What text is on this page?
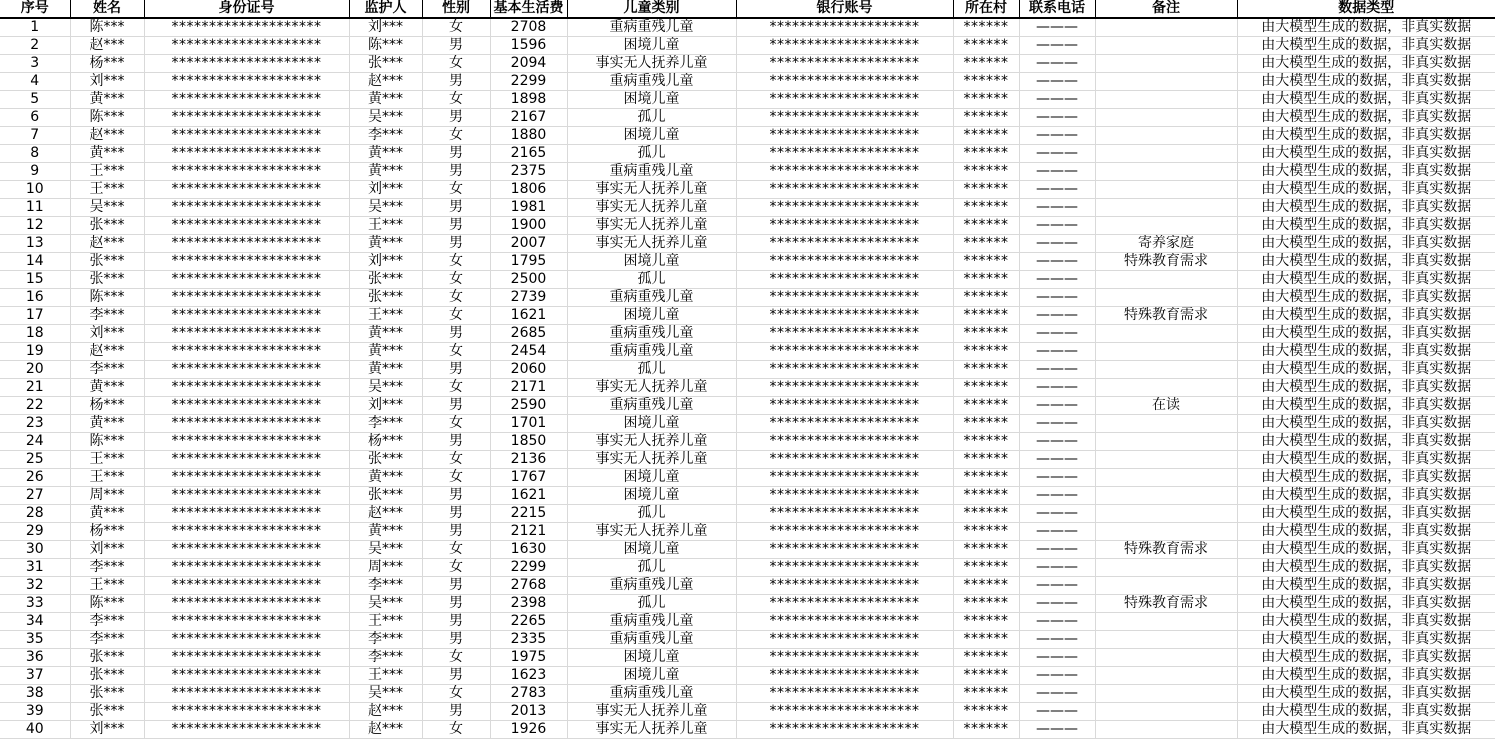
序号	姓名	身份证号	监护人	性别	基本生活费	儿童类别	银行账号	所在村	联系电话	备注	数据类型
1	陈***	********************	刘***	女	2708	重病重残儿童	********************	******	———		由大模型生成的数据，非真实数据
2	赵***	********************	陈***	男	1596	困境儿童	********************	******	———		由大模型生成的数据，非真实数据
3	杨***	********************	张***	女	2094	事实无人抚养儿童	********************	******	———		由大模型生成的数据，非真实数据
4	刘***	********************	赵***	男	2299	重病重残儿童	********************	******	———		由大模型生成的数据，非真实数据
5	黄***	********************	黄***	女	1898	困境儿童	********************	******	———		由大模型生成的数据，非真实数据
6	陈***	********************	吴***	男	2167	孤儿	********************	******	———		由大模型生成的数据，非真实数据
7	赵***	********************	李***	女	1880	困境儿童	********************	******	———		由大模型生成的数据，非真实数据
8	黄***	********************	黄***	男	2165	孤儿	********************	******	———		由大模型生成的数据，非真实数据
9	王***	********************	黄***	男	2375	重病重残儿童	********************	******	———		由大模型生成的数据，非真实数据
10	王***	********************	刘***	女	1806	事实无人抚养儿童	********************	******	———		由大模型生成的数据，非真实数据
11	吴***	********************	吴***	男	1981	事实无人抚养儿童	********************	******	———		由大模型生成的数据，非真实数据
12	张***	********************	王***	男	1900	事实无人抚养儿童	********************	******	———		由大模型生成的数据，非真实数据
13	赵***	********************	黄***	男	2007	事实无人抚养儿童	********************	******	———	寄养家庭	由大模型生成的数据，非真实数据
14	张***	********************	刘***	女	1795	困境儿童	********************	******	———	特殊教育需求	由大模型生成的数据，非真实数据
15	张***	********************	张***	女	2500	孤儿	********************	******	———		由大模型生成的数据，非真实数据
16	陈***	********************	张***	女	2739	重病重残儿童	********************	******	———		由大模型生成的数据，非真实数据
17	李***	********************	王***	女	1621	困境儿童	********************	******	———	特殊教育需求	由大模型生成的数据，非真实数据
18	刘***	********************	黄***	男	2685	重病重残儿童	********************	******	———		由大模型生成的数据，非真实数据
19	赵***	********************	黄***	女	2454	重病重残儿童	********************	******	———		由大模型生成的数据，非真实数据
20	李***	********************	黄***	男	2060	孤儿	********************	******	———		由大模型生成的数据，非真实数据
21	黄***	********************	吴***	女	2171	事实无人抚养儿童	********************	******	———		由大模型生成的数据，非真实数据
22	杨***	********************	刘***	男	2590	重病重残儿童	********************	******	———	在读	由大模型生成的数据，非真实数据
23	黄***	********************	李***	女	1701	困境儿童	********************	******	———		由大模型生成的数据，非真实数据
24	陈***	********************	杨***	男	1850	事实无人抚养儿童	********************	******	———		由大模型生成的数据，非真实数据
25	王***	********************	张***	女	2136	事实无人抚养儿童	********************	******	———		由大模型生成的数据，非真实数据
26	王***	********************	黄***	女	1767	困境儿童	********************	******	———		由大模型生成的数据，非真实数据
27	周***	********************	张***	男	1621	困境儿童	********************	******	———		由大模型生成的数据，非真实数据
28	黄***	********************	赵***	男	2215	孤儿	********************	******	———		由大模型生成的数据，非真实数据
29	杨***	********************	黄***	男	2121	事实无人抚养儿童	********************	******	———		由大模型生成的数据，非真实数据
30	刘***	********************	吴***	女	1630	困境儿童	********************	******	———	特殊教育需求	由大模型生成的数据，非真实数据
31	李***	********************	周***	女	2299	孤儿	********************	******	———		由大模型生成的数据，非真实数据
32	王***	********************	李***	男	2768	重病重残儿童	********************	******	———		由大模型生成的数据，非真实数据
33	陈***	********************	吴***	男	2398	孤儿	********************	******	———	特殊教育需求	由大模型生成的数据，非真实数据
34	李***	********************	王***	男	2265	重病重残儿童	********************	******	———		由大模型生成的数据，非真实数据
35	李***	********************	李***	男	2335	重病重残儿童	********************	******	———		由大模型生成的数据，非真实数据
36	张***	********************	李***	女	1975	困境儿童	********************	******	———		由大模型生成的数据，非真实数据
37	张***	********************	王***	男	1623	困境儿童	********************	******	———		由大模型生成的数据，非真实数据
38	张***	********************	吴***	女	2783	重病重残儿童	********************	******	———		由大模型生成的数据，非真实数据
39	张***	********************	赵***	男	2013	事实无人抚养儿童	********************	******	———		由大模型生成的数据，非真实数据
40	刘***	********************	赵***	女	1926	事实无人抚养儿童	********************	******	———		由大模型生成的数据，非真实数据
